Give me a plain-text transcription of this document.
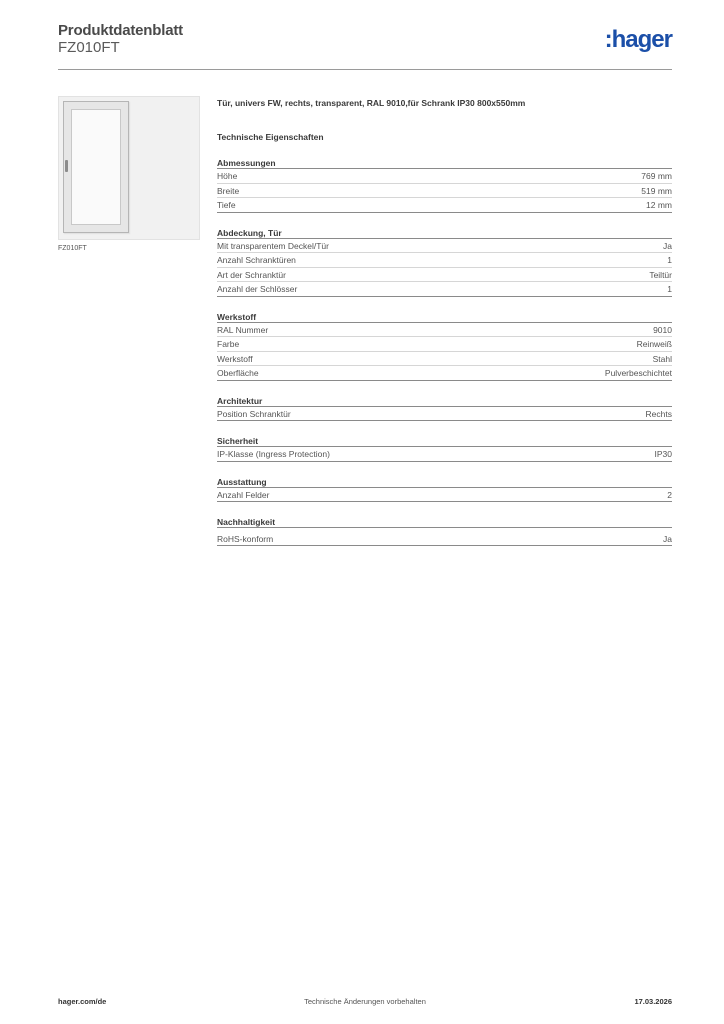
Produktdatenblatt
FZ010FT	:hager
FZ010FT
Tür, univers FW, rechts, transparent, RAL 9010,für Schrank IP30 800x550mm
Technische Eigenschaften
Abmessungen
Höhe	769 mm
Breite	519 mm
Tiefe	12 mm
Abdeckung, Tür
Mit transparentem Deckel/Tür	Ja
Anzahl Schranktüren	1
Art der Schranktür	Teiltür
Anzahl der Schlösser	1
Werkstoff
RAL Nummer	9010
Farbe	Reinweiß
Werkstoff	Stahl
Oberfläche	Pulverbeschichtet
Architektur
Position Schranktür	Rechts
Sicherheit
IP-Klasse (Ingress Protection)	IP30
Ausstattung
Anzahl Felder	2
Nachhaltigkeit
RoHS-konform	Ja
hager.com/de	Technische Änderungen vorbehalten	17.03.2026
